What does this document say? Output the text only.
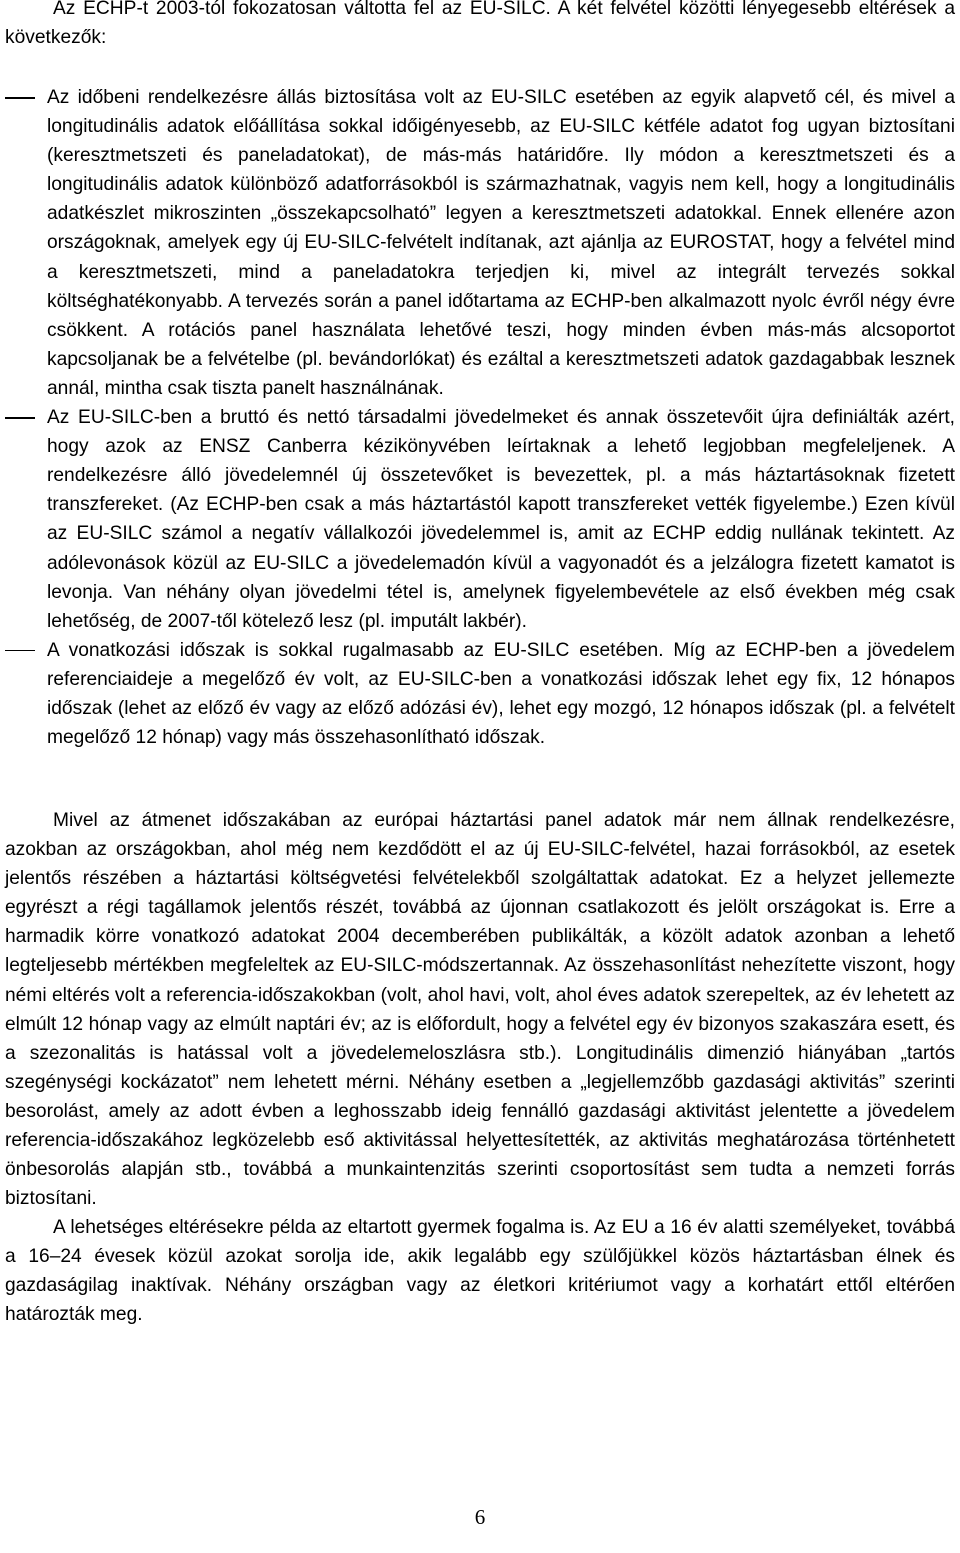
Az ECHP-t 2003-tól fokozatosan váltotta fel az EU-SILC. A két felvétel közötti lényegesebb eltérések a következők:

Az időbeni rendelkezésre állás biztosítása volt az EU-SILC esetében az egyik alapvető cél, és mivel a longitudinális adatok előállítása sokkal időigényesebb, az EU-SILC kétféle adatot fog ugyan biztosítani (keresztmetszeti és paneladatokat), de más-más határidőre. Ily módon a keresztmetszeti és a longitudinális adatok különböző adatforrásokból is származhatnak, vagyis nem kell, hogy a longitudinális adatkészlet mikroszinten „összekapcsolható” legyen a keresztmetszeti adatokkal. Ennek ellenére azon országoknak, amelyek egy új EU-SILC-felvételt indítanak, azt ajánlja az EUROSTAT, hogy a felvétel mind a keresztmetszeti, mind a paneladatokra terjedjen ki, mivel az integrált tervezés sokkal költséghatékonyabb. A tervezés során a panel időtartama az ECHP-ben alkalmazott nyolc évről négy évre csökkent. A rotációs panel használata lehetővé teszi, hogy minden évben más-más alcsoportot kapcsoljanak be a felvételbe (pl. bevándorlókat) és ezáltal a keresztmetszeti adatok gazdagabbak lesznek annál, mintha csak tiszta panelt használnának.
Az EU-SILC-ben a bruttó és nettó társadalmi jövedelmeket és annak összetevőit újra definiálták azért, hogy azok az ENSZ Canberra kézikönyvében leírtaknak a lehető legjobban megfeleljenek. A rendelkezésre álló jövedelemnél új összetevőket is bevezettek, pl. a más háztartásoknak fizetett transzfereket. (Az ECHP-ben csak a más háztartástól kapott transzfereket vették figyelembe.) Ezen kívül az EU-SILC számol a negatív vállalkozói jövedelemmel is, amit az ECHP eddig nullának tekintett. Az adólevonások közül az EU-SILC a jövedelemadón kívül a vagyonadót és a jelzálogra fizetett kamatot is levonja. Van néhány olyan jövedelmi tétel is, amelynek figyelembevétele az első években még csak lehetőség, de 2007-től kötelező lesz (pl. imputált lakbér).
A vonatkozási időszak is sokkal rugalmasabb az EU-SILC esetében. Míg az ECHP-ben a jövedelem referenciaideje a megelőző év volt, az EU-SILC-ben a vonatkozási időszak lehet egy fix, 12 hónapos időszak (lehet az előző év vagy az előző adózási év), lehet egy mozgó, 12 hónapos időszak (pl. a felvételt megelőző 12 hónap) vagy más összehasonlítható időszak.

Mivel az átmenet időszakában az európai háztartási panel adatok már nem állnak rendelkezésre, azokban az országokban, ahol még nem kezdődött el az új EU-SILC-felvétel, hazai forrásokból, az esetek jelentős részében a háztartási költségvetési felvételekből szolgáltattak adatokat. Ez a helyzet jellemezte egyrészt a régi tagállamok jelentős részét, továbbá az újonnan csatlakozott és jelölt országokat is. Erre a harmadik körre vonatkozó adatokat 2004 decemberében publikálták, a közölt adatok azonban a lehető legteljesebb mértékben megfeleltek az EU-SILC-módszertannak. Az összehasonlítást nehezítette viszont, hogy némi eltérés volt a referencia-időszakokban (volt, ahol havi, volt, ahol éves adatok szerepeltek, az év lehetett az elmúlt 12 hónap vagy az elmúlt naptári év; az is előfordult, hogy a felvétel egy év bizonyos szakaszára esett, és a szezonalitás is hatással volt a jövedelemeloszlásra stb.). Longitudinális dimenzió hiányában „tartós szegénységi kockázatot” nem lehetett mérni. Néhány esetben a „legjellemzőbb gazdasági aktivitás” szerinti besorolást, amely az adott évben a leghosszabb ideig fennálló gazdasági aktivitást jelentette a jövedelem referencia-időszakához legközelebb eső aktivitással helyettesítették, az aktivitás meghatározása történhetett önbesorolás alapján stb., továbbá a munkaintenzitás szerinti csoportosítást sem tudta a nemzeti forrás biztosítani.

A lehetséges eltérésekre példa az eltartott gyermek fogalma is. Az EU a 16 év alatti személyeket, továbbá a 16–24 évesek közül azokat sorolja ide, akik legalább egy szülőjükkel közös háztartásban élnek és gazdaságilag inaktívak. Néhány országban vagy az életkori kritériumot vagy a korhatárt ettől eltérően határozták meg.

6
